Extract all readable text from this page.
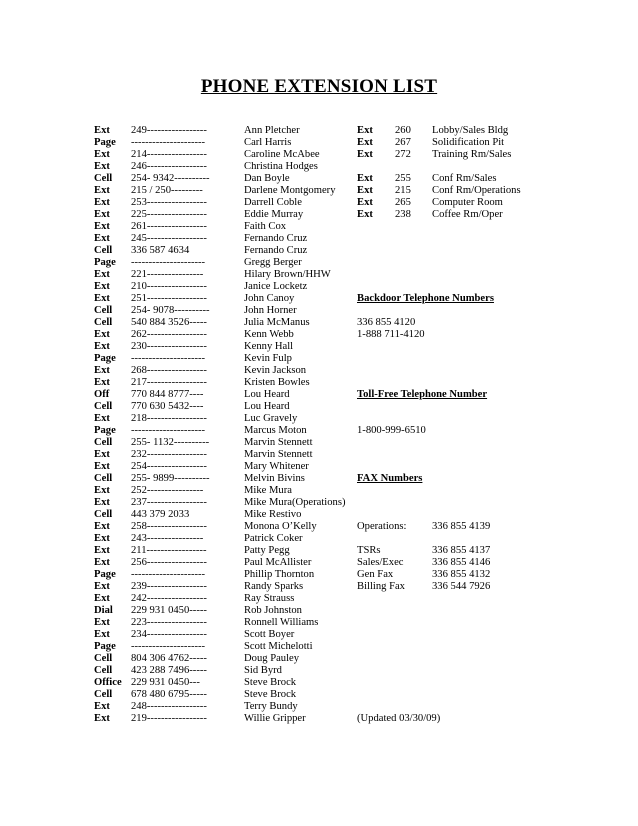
PHONE EXTENSION LIST
Ext 249-----------------	Ann Pletcher
Page ---------------------	Carl Harris
Ext 214-----------------	Caroline McAbee
Ext 246-----------------	Christina Hodges
Cell 254- 9342----------	Dan Boyle
Ext 215 / 250---------	Darlene Montgomery
Ext 253-----------------	Darrell Coble
Ext 225-----------------	Eddie Murray
Ext 261-----------------	Faith Cox
Ext 245-----------------	Fernando Cruz
Cell 336 587 4634	Fernando Cruz
Page ---------------------	Gregg Berger
Ext 221----------------	Hilary Brown/HHW
Ext 210-----------------	Janice Locketz
Ext 251-----------------	John Canoy
Cell 254- 9078----------	John Horner
Cell 540 884 3526-----	Julia McManus
Ext 262-----------------	Kenn Webb
Ext 230-----------------	Kenny Hall
Page ---------------------	Kevin Fulp
Ext 268-----------------	Kevin Jackson
Ext 217-----------------	Kristen Bowles
Off 770 844 8777----	Lou Heard
Cell 770 630 5432----	Lou Heard
Ext 218-----------------	Luc Gravely
Page ---------------------	Marcus Moton
Cell 255- 1132----------	Marvin Stennett
Ext 232-----------------	Marvin Stennett
Ext 254-----------------	Mary Whitener
Cell 255- 9899----------	Melvin Bivins
Ext 252----------------	Mike Mura
Ext 237-----------------	Mike Mura(Operations)
Cell 443 379 2033	Mike Restivo
Ext 258-----------------	Monona O’Kelly
Ext 243----------------	Patrick Coker
Ext 211-----------------	Patty Pegg
Ext 256-----------------	Paul McAllister
Page ---------------------	Phillip Thornton
Ext 239-----------------	Randy Sparks
Ext 242-----------------	Ray Strauss
Dial 229 931 0450-----	Rob Johnston
Ext 223-----------------	Ronnell Williams
Ext 234-----------------	Scott Boyer
Page ---------------------	Scott Michelotti
Cell 804 306 4762-----	Doug Pauley
Cell 423 288 7496-----	Sid Byrd
Office 229 931 0450---	Steve Brock
Cell 678 480 6795-----	Steve Brock
Ext 248-----------------	Terry Bundy
Ext 219-----------------	Willie Gripper
Ext 260 Lobby/Sales Bldg
Ext 267 Solidification Pit
Ext 272 Training Rm/Sales
Ext 255 Conf Rm/Sales
Ext 215 Conf Rm/Operations
Ext 265 Computer Room
Ext 238 Coffee Rm/Oper
Backdoor Telephone Numbers
336 855 4120
1-888 711-4120
Toll-Free Telephone Number
1-800-999-6510
FAX Numbers
Operations: 336 855 4139
TSRs	336 855 4137
Sales/Exec	336 855 4146
Gen Fax	336 855 4132
Billing Fax	336 544 7926
(Updated 03/30/09)
